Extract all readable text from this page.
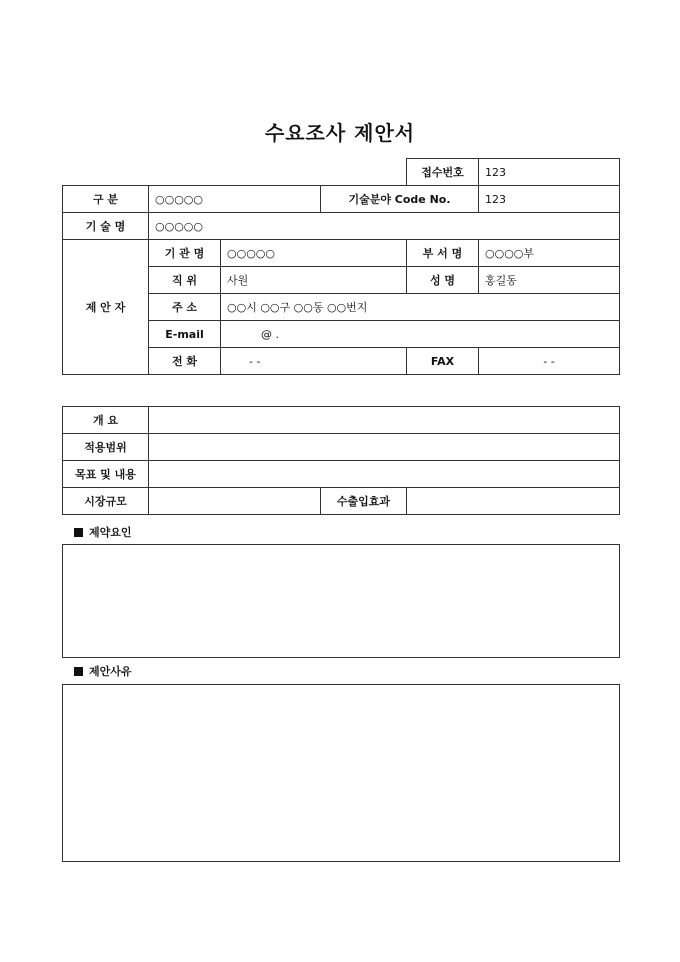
수요조사 제안서
				접수번호	123
구 분	○○○○○		기술분야 Code No.		123
기 술 명	○○○○○				
제 안 자	기 관 명	○○○○○		부 서 명	○○○○부
	직 위	사원		성 명	홍길동
	주 소	○○시 ○○구 ○○동 ○○번지			
	E-mail	@ .			
	전 화	- -		FAX	- -
개 요			
적용범위			
목표 및 내용			
시장규모		수출입효과	
제약요인
제안사유
